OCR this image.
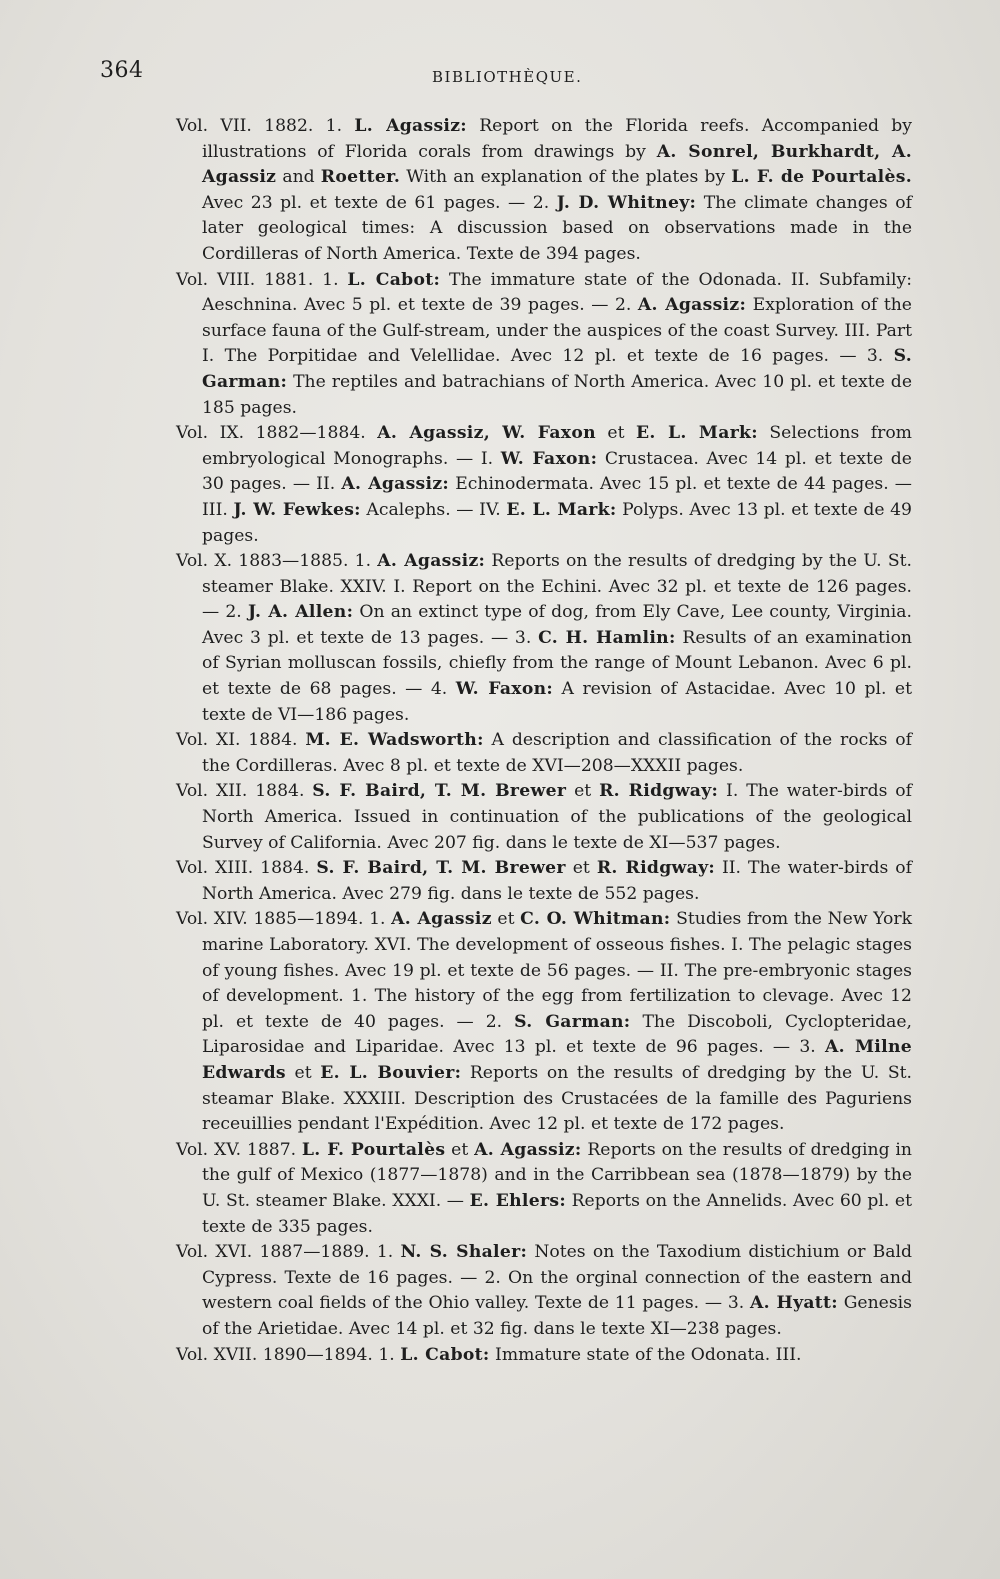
364	BIBLIOTHÈQUE.

Vol. VII. 1882. 1. L. Agassiz: Report on the Florida reefs. Accompanied by illustrations of Florida corals from drawings by A. Sonrel, Burkhardt, A. Agassiz and Roetter. With an explanation of the plates by L. F. de Pourtalès. Avec 23 pl. et texte de 61 pages. — 2. J. D. Whitney: The climate changes of later geological times: A discussion based on observations made in the Cordilleras of North America. Texte de 394 pages.

Vol. VIII. 1881. 1. L. Cabot: The immature state of the Odonada. II. Subfamily: Aeschnina. Avec 5 pl. et texte de 39 pages. — 2. A. Agassiz: Exploration of the surface fauna of the Gulf-stream, under the auspices of the coast Survey. III. Part I. The Porpitidae and Velellidae. Avec 12 pl. et texte de 16 pages. — 3. S. Garman: The reptiles and batrachians of North America. Avec 10 pl. et texte de 185 pages.

Vol. IX. 1882—1884. A. Agassiz, W. Faxon et E. L. Mark: Selections from embryological Monographs. — I. W. Faxon: Crustacea. Avec 14 pl. et texte de 30 pages. — II. A. Agassiz: Echinodermata. Avec 15 pl. et texte de 44 pages. — III. J. W. Fewkes: Acalephs. — IV. E. L. Mark: Polyps. Avec 13 pl. et texte de 49 pages.

Vol. X. 1883—1885. 1. A. Agassiz: Reports on the results of dredging by the U. St. steamer Blake. XXIV. I. Report on the Echini. Avec 32 pl. et texte de 126 pages. — 2. J. A. Allen: On an extinct type of dog, from Ely Cave, Lee county, Virginia. Avec 3 pl. et texte de 13 pages. — 3. C. H. Hamlin: Results of an examination of Syrian molluscan fossils, chiefly from the range of Mount Lebanon. Avec 6 pl. et texte de 68 pages. — 4. W. Faxon: A revision of Astacidae. Avec 10 pl. et texte de VI—186 pages.

Vol. XI. 1884. M. E. Wadsworth: A description and classification of the rocks of the Cordilleras. Avec 8 pl. et texte de XVI—208—XXXII pages.

Vol. XII. 1884. S. F. Baird, T. M. Brewer et R. Ridgway: I. The water-birds of North America. Issued in continuation of the publications of the geological Survey of California. Avec 207 fig. dans le texte de XI—537 pages.

Vol. XIII. 1884. S. F. Baird, T. M. Brewer et R. Ridgway: II. The water-birds of North America. Avec 279 fig. dans le texte de 552 pages.

Vol. XIV. 1885—1894. 1. A. Agassiz et C. O. Whitman: Studies from the New York marine Laboratory. XVI. The development of osseous fishes. I. The pelagic stages of young fishes. Avec 19 pl. et texte de 56 pages. — II. The pre-embryonic stages of development. 1. The history of the egg from fertilization to clevage. Avec 12 pl. et texte de 40 pages. — 2. S. Garman: The Discoboli, Cyclopteridae, Liparosidae and Liparidae. Avec 13 pl. et texte de 96 pages. — 3. A. Milne Edwards et E. L. Bouvier: Reports on the results of dredging by the U. St. steamar Blake. XXXIII. Description des Crustacées de la famille des Paguriens receuillies pendant l'Expédition. Avec 12 pl. et texte de 172 pages.

Vol. XV. 1887. L. F. Pourtalès et A. Agassiz: Reports on the results of dredging in the gulf of Mexico (1877—1878) and in the Carribbean sea (1878—1879) by the U. St. steamer Blake. XXXI. — E. Ehlers: Reports on the Annelids. Avec 60 pl. et texte de 335 pages.

Vol. XVI. 1887—1889. 1. N. S. Shaler: Notes on the Taxodium distichium or Bald Cypress. Texte de 16 pages. — 2. On the orginal connection of the eastern and western coal fields of the Ohio valley. Texte de 11 pages. — 3. A. Hyatt: Genesis of the Arietidae. Avec 14 pl. et 32 fig. dans le texte XI—238 pages.

Vol. XVII. 1890—1894. 1. L. Cabot: Immature state of the Odonata. III.
